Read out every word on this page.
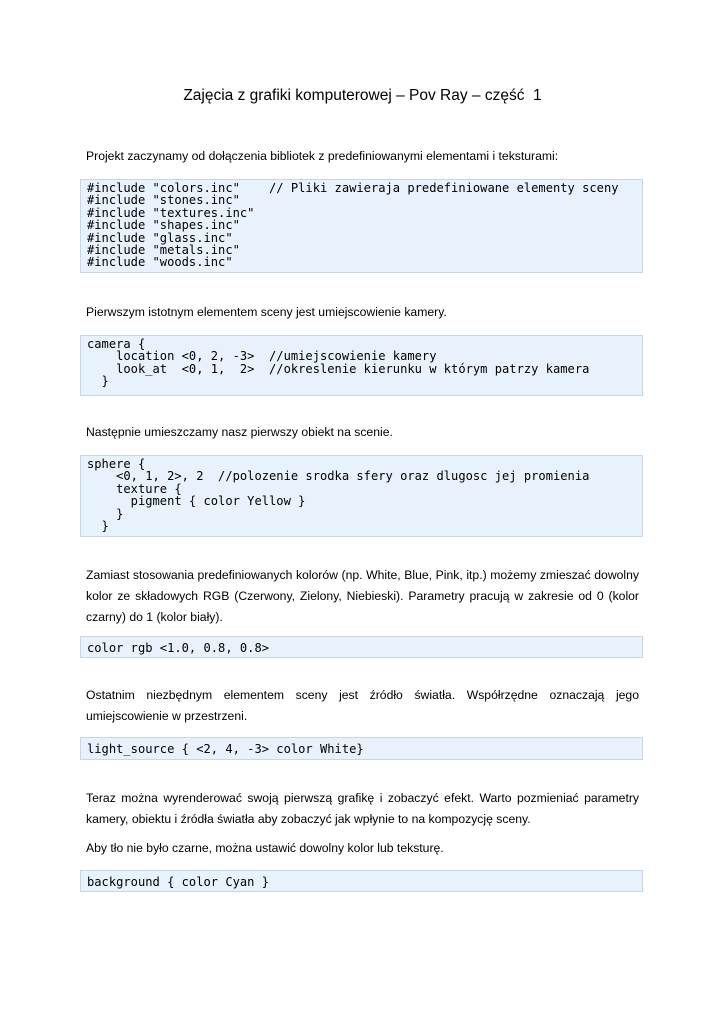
Zajęcia z grafiki komputerowej – Pov Ray – część  1

Projekt zaczynamy od dołączenia bibliotek z predefiniowanymi elementami i teksturami:

#include "colors.inc"    // Pliki zawieraja predefiniowane elementy sceny
#include "stones.inc"
#include "textures.inc"
#include "shapes.inc"
#include "glass.inc"
#include "metals.inc"
#include "woods.inc"

Pierwszym istotnym elementem sceny jest umiejscowienie kamery.

camera {
location <0, 2, -3>  //umiejscowienie kamery
look_at  <0, 1,  2>  //okreslenie kierunku w którym patrzy kamera
}

Następnie umieszczamy nasz pierwszy obiekt na scenie.

sphere {
<0, 1, 2>, 2  //polozenie srodka sfery oraz dlugosc jej promienia
texture {
pigment { color Yellow }
}
}

Zamiast stosowania predefiniowanych kolorów (np. White, Blue, Pink, itp.) możemy zmieszać dowolny kolor ze składowych RGB (Czerwony, Zielony, Niebieski). Parametry pracują w zakresie od 0 (kolor czarny) do 1 (kolor biały).

color rgb <1.0, 0.8, 0.8>

Ostatnim niezbędnym elementem sceny jest źródło światła. Współrzędne oznaczają jego umiejscowienie w przestrzeni.

light_source { <2, 4, -3> color White}

Teraz można wyrenderować swoją pierwszą grafikę i zobaczyć efekt. Warto pozmieniać parametry kamery, obiektu i źródła światła aby zobaczyć jak wpłynie to na kompozycję sceny.

Aby tło nie było czarne, można ustawić dowolny kolor lub teksturę.

background { color Cyan }
